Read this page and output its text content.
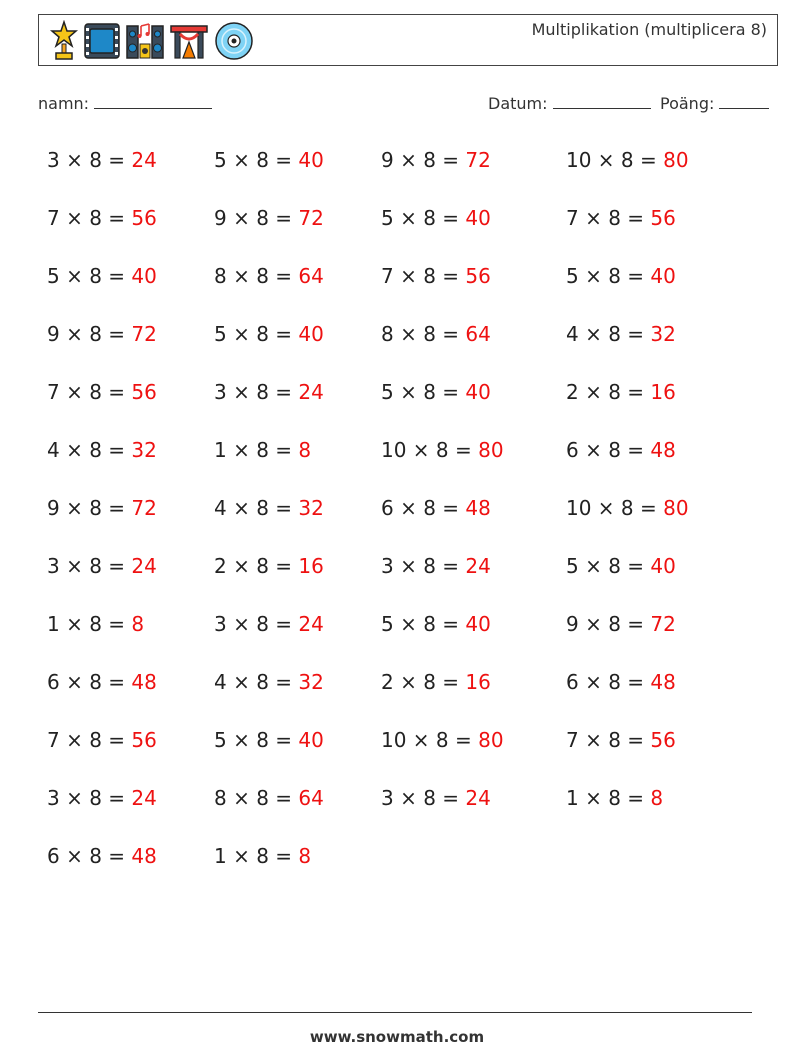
Multiplikation (multiplicera 8)
namn:	Datum:	Poäng:
3 × 8 = 24	5 × 8 = 40	9 × 8 = 72	10 × 8 = 80
7 × 8 = 56	9 × 8 = 72	5 × 8 = 40	7 × 8 = 56
5 × 8 = 40	8 × 8 = 64	7 × 8 = 56	5 × 8 = 40
9 × 8 = 72	5 × 8 = 40	8 × 8 = 64	4 × 8 = 32
7 × 8 = 56	3 × 8 = 24	5 × 8 = 40	2 × 8 = 16
4 × 8 = 32	1 × 8 = 8	10 × 8 = 80	6 × 8 = 48
9 × 8 = 72	4 × 8 = 32	6 × 8 = 48	10 × 8 = 80
3 × 8 = 24	2 × 8 = 16	3 × 8 = 24	5 × 8 = 40
1 × 8 = 8	3 × 8 = 24	5 × 8 = 40	9 × 8 = 72
6 × 8 = 48	4 × 8 = 32	2 × 8 = 16	6 × 8 = 48
7 × 8 = 56	5 × 8 = 40	10 × 8 = 80	7 × 8 = 56
3 × 8 = 24	8 × 8 = 64	3 × 8 = 24	1 × 8 = 8
6 × 8 = 48	1 × 8 = 8
www.snowmath.com
